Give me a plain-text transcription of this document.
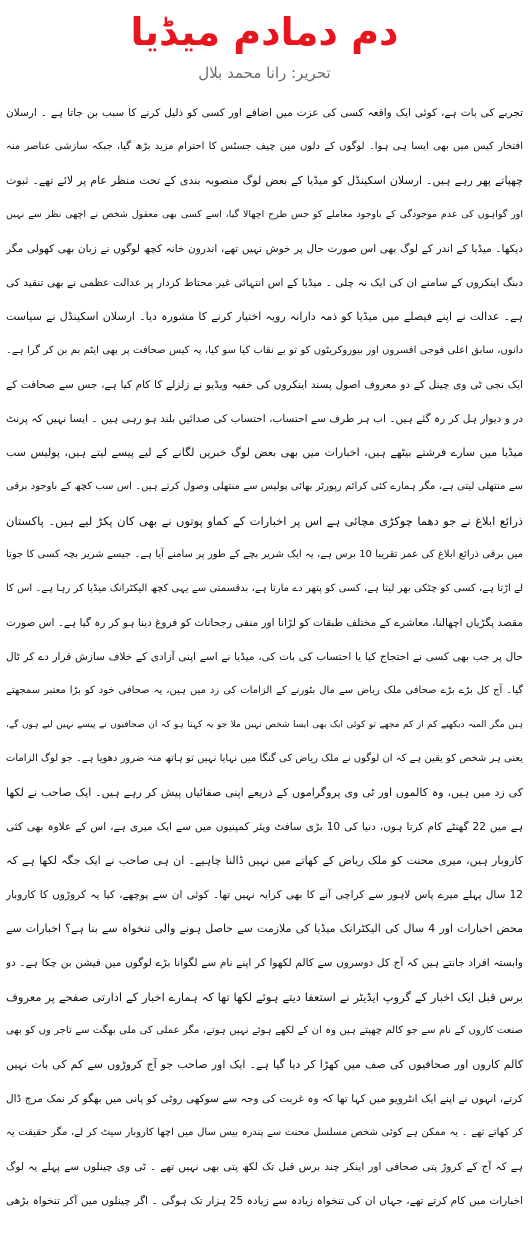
دم دمادم میڈیا
تحریر: رانا محمد بلال
تجربے کی بات ہے، کوئی ایک واقعہ کسی کی عزت میں اضافے اور کسی کو ذلیل کرنے کا سبب بن جاتا ہے ۔ ارسلان
افتخار کیس میں بھی ایسا ہی ہوا۔ لوگوں کے دلوں میں چیف جسٹس کا احترام مزید بڑھ گیا، جبکہ سازشی عناصر منہ
چھپاتے پھر رہے ہیں۔ ارسلان اسکینڈل کو میڈیا کے بعض لوگ منصوبہ بندی کے تحت منظر عام پر لائے تھے۔ ثبوت
اور گواہوں کی عدم موجودگی کے باوجود معاملے کو جس طرح اچھالا گیا، اسے کسی بھی معقول شخص نے اچھی نظر سے نہیں
دیکھا۔ میڈیا کے اندر کے لوگ بھی اس صورت حال پر خوش نہیں تھے، اندرون خانہ کچھ لوگوں نے زبان بھی کھولی مگر
دبنگ اینکروں کے سامنے ان کی ایک نہ چلی ۔ میڈیا کے اس انتہائی غیر محتاط کردار پر عدالت عظمی نے بھی تنقید کی
ہے۔ عدالت نے اپنے فیصلے میں میڈیا کو ذمہ دارانہ رویہ اختیار کرنے کا مشورہ دیا۔ ارسلان اسکینڈل نے سیاست
دانوں، سابق اعلی فوجی افسروں اور بیوروکریٹوں کو تو بے نقاب کیا سو کیا، یہ کیس صحافت پر بھی ایٹم بم بن کر گرا ہے۔
ایک نجی ٹی وی چینل کے دو معروف اصول پسند اینکروں کی خفیہ ویڈیو نے زلزلے کا کام کیا ہے، جس سے صحافت کے
در و دیوار ہل کر رہ گئے ہیں۔ اب ہر طرف سے احتساب، احتساب کی صدائیں بلند ہو رہی ہیں ۔ ایسا نہیں کہ پرنٹ
میڈیا میں سارے فرشتے بیٹھے ہیں، اخبارات میں بھی بعض لوگ خبریں لگانے کے لیے پیسے لیتے ہیں، پولیس سب
سے منتھلی لیتی ہے، مگر ہمارے کئی کرائم رپورٹر بھائی پولیس سے منتھلی وصول کرتے ہیں۔ اس سب کچھ کے باوجود برقی
ذرائع ابلاغ نے جو دھما چوکڑی مچائی ہے اس پر اخبارات کے کماو پوتوں نے بھی کان پکڑ لیے ہیں۔ پاکستان
میں برقی ذرائع ابلاغ کی عمر تقریبا 10 برس ہے، یہ ایک شریر بچے کے طور پر سامنے آیا ہے۔ جیسے شریر بچہ کسی کا جوتا
لے اڑتا ہے، کسی کو چٹکی بھر لیتا ہے، کسی کو پتھر دے مارتا ہے، بدقسمتی سے یہی کچھ الیکٹرانک میڈیا کر رہا ہے۔ اس کا
مقصد پگڑیاں اچھالنا، معاشرے کے مختلف طبقات کو لڑانا اور منفی رجحانات کو فروغ دینا ہو کر رہ گیا ہے۔ اس صورت
حال پر جب بھی کسی نے احتجاج کیا یا احتساب کی بات کی، میڈیا نے اسے اپنی آزادی کے خلاف سازش قرار دے کر ٹال
گیا۔ آج کل بڑے بڑے صحافی ملک ریاض سے مال بٹورنے کے الزامات کی زد میں ہیں، یہ صحافی خود کو بڑا معتبر سمجھتے
ہیں مگر المیہ دیکھیے کم از کم مجھے تو کوئی ایک بھی ایسا شخص نہیں ملا جو یہ کہتا ہو کہ ان صحافیوں نے پیسے نہیں لیے ہوں گے،
یعنی ہر شخص کو یقین ہے کہ ان لوگوں نے ملک ریاض کی گنگا میں نہایا نہیں تو ہاتھ منہ ضرور دھویا ہے۔ جو لوگ الزامات
کی زد میں ہیں، وہ کالموں اور ٹی وی پروگراموں کے ذریعے اپنی صفائیاں پیش کر رہے ہیں۔ ایک صاحب نے لکھا
ہے میں 22 گھنٹے کام کرتا ہوں، دنیا کی 10 بڑی سافٹ ویئر کمپنیوں میں سے ایک میری ہے، اس کے علاوہ بھی کئی
کاروبار ہیں، میری محنت کو ملک ریاض کے کھاتے میں نہیں ڈالنا چاہیے۔ ان ہی صاحب نے ایک جگہ لکھا ہے کہ
12 سال پہلے میرے پاس لاہور سے کراچی آنے کا بھی کرایہ نہیں تھا۔ کوئی ان سے پوچھے، کیا یہ کروڑوں کا کاروبار
محض اخبارات اور 4 سال کی الیکٹرانک میڈیا کی ملازمت سے حاصل ہونے والی تنخواہ سے بنا ہے؟ اخبارات سے
وابستہ افراد جانتے ہیں کہ آج کل دوسروں سے کالم لکھوا کر اپنے نام سے لگوانا بڑے لوگوں میں فیشن بن چکا ہے۔ دو
برس قبل ایک اخبار کے گروپ ایڈیٹر نے استعفا دیتے ہوئے لکھا تھا کہ ہمارے اخبار کے ادارتی صفحے پر معروف
صنعت کاروں کے نام سے جو کالم چھپتے ہیں وہ ان کے لکھے ہوئے نہیں ہوتے، مگر عملی کی ملی بھگت سے تاجر وں کو بھی
کالم کاروں اور صحافیوں کی صف میں کھڑا کر دیا گیا ہے۔ ایک اور صاحب جو آج کروڑوں سے کم کی بات نہیں
کرتے، انہوں نے اپنے ایک انٹرویو میں کہا تھا کہ وہ غربت کی وجہ سے سوکھی روٹی کو پانی میں بھگو کر نمک مرچ ڈال
کر کھاتے تھے ۔ یہ ممکن ہے کوئی شخص مسلسل محنت سے پندرہ بیس سال میں اچھا کاروبار سیٹ کر لے، مگر حقیقت یہ
ہے کہ آج کے کروڑ پتی صحافی اور اینکر چند برس قبل تک لکھ پتی بھی نہیں تھے ۔ ٹی وی چینلوں سے پہلے یہ لوگ
اخبارات میں کام کرتے تھے، جہاں ان کی تنخواہ زیادہ سے زیادہ 25 ہزار تک ہوگی ۔ اگر چینلوں میں آکر تنخواہ بڑھی
